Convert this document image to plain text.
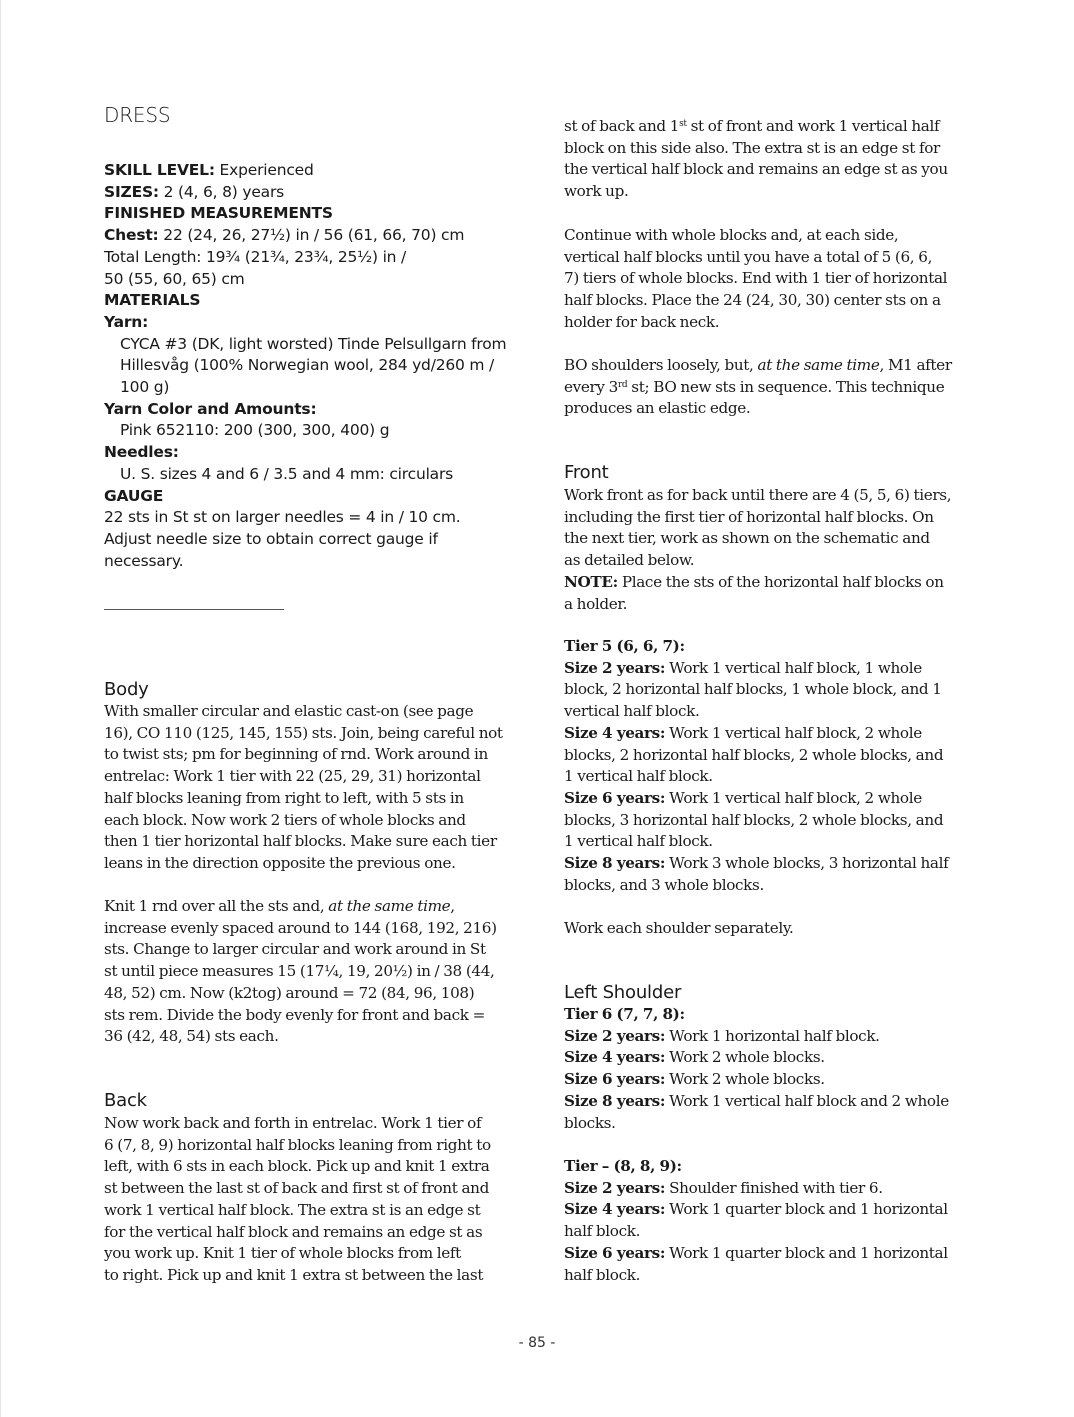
DRESS
SKILL LEVEL: Experienced
SIZES: 2 (4, 6, 8) years
FINISHED MEASUREMENTS
Chest: 22 (24, 26, 27½) in / 56 (61, 66, 70) cm
Total Length: 19¾ (21¾, 23¾, 25½) in /
50 (55, 60, 65) cm
MATERIALS
Yarn:
CYCA #3 (DK, light worsted) Tinde Pelsullgarn from
Hillesvåg (100% Norwegian wool, 284 yd/260 m /
100 g)
Yarn Color and Amounts:
Pink 652110: 200 (300, 300, 400) g
Needles:
U. S. sizes 4 and 6 / 3.5 and 4 mm: circulars
GAUGE
22 sts in St st on larger needles = 4 in / 10 cm.
Adjust needle size to obtain correct gauge if
necessary.
Body
With smaller circular and elastic cast-on (see page
16), CO 110 (125, 145, 155) sts. Join, being careful not
to twist sts; pm for beginning of rnd. Work around in
entrelac: Work 1 tier with 22 (25, 29, 31) horizontal
half blocks leaning from right to left, with 5 sts in
each block. Now work 2 tiers of whole blocks and
then 1 tier horizontal half blocks. Make sure each tier
leans in the direction opposite the previous one.
Knit 1 rnd over all the sts and, at the same time,
increase evenly spaced around to 144 (168, 192, 216)
sts. Change to larger circular and work around in St
st until piece measures 15 (17¼, 19, 20½) in / 38 (44,
48, 52) cm. Now (k2tog) around = 72 (84, 96, 108)
sts rem. Divide the body evenly for front and back =
36 (42, 48, 54) sts each.
Back
Now work back and forth in entrelac. Work 1 tier of
6 (7, 8, 9) horizontal half blocks leaning from right to
left, with 6 sts in each block. Pick up and knit 1 extra
st between the last st of back and first st of front and
work 1 vertical half block. The extra st is an edge st
for the vertical half block and remains an edge st as
you work up. Knit 1 tier of whole blocks from left
to right. Pick up and knit 1 extra st between the last
st of back and 1st st of front and work 1 vertical half
block on this side also. The extra st is an edge st for
the vertical half block and remains an edge st as you
work up.
Continue with whole blocks and, at each side,
vertical half blocks until you have a total of 5 (6, 6,
7) tiers of whole blocks. End with 1 tier of horizontal
half blocks. Place the 24 (24, 30, 30) center sts on a
holder for back neck.
BO shoulders loosely, but, at the same time, M1 after
every 3rd st; BO new sts in sequence. This technique
produces an elastic edge.
Front
Work front as for back until there are 4 (5, 5, 6) tiers,
including the first tier of horizontal half blocks. On
the next tier, work as shown on the schematic and
as detailed below.
NOTE: Place the sts of the horizontal half blocks on
a holder.
Tier 5 (6, 6, 7):
Size 2 years: Work 1 vertical half block, 1 whole
block, 2 horizontal half blocks, 1 whole block, and 1
vertical half block.
Size 4 years: Work 1 vertical half block, 2 whole
blocks, 2 horizontal half blocks, 2 whole blocks, and
1 vertical half block.
Size 6 years: Work 1 vertical half block, 2 whole
blocks, 3 horizontal half blocks, 2 whole blocks, and
1 vertical half block.
Size 8 years: Work 3 whole blocks, 3 horizontal half
blocks, and 3 whole blocks.
Work each shoulder separately.
Left Shoulder
Tier 6 (7, 7, 8):
Size 2 years: Work 1 horizontal half block.
Size 4 years: Work 2 whole blocks.
Size 6 years: Work 2 whole blocks.
Size 8 years: Work 1 vertical half block and 2 whole
blocks.
Tier – (8, 8, 9):
Size 2 years: Shoulder finished with tier 6.
Size 4 years: Work 1 quarter block and 1 horizontal
half block.
Size 6 years: Work 1 quarter block and 1 horizontal
half block.
- 85 -
